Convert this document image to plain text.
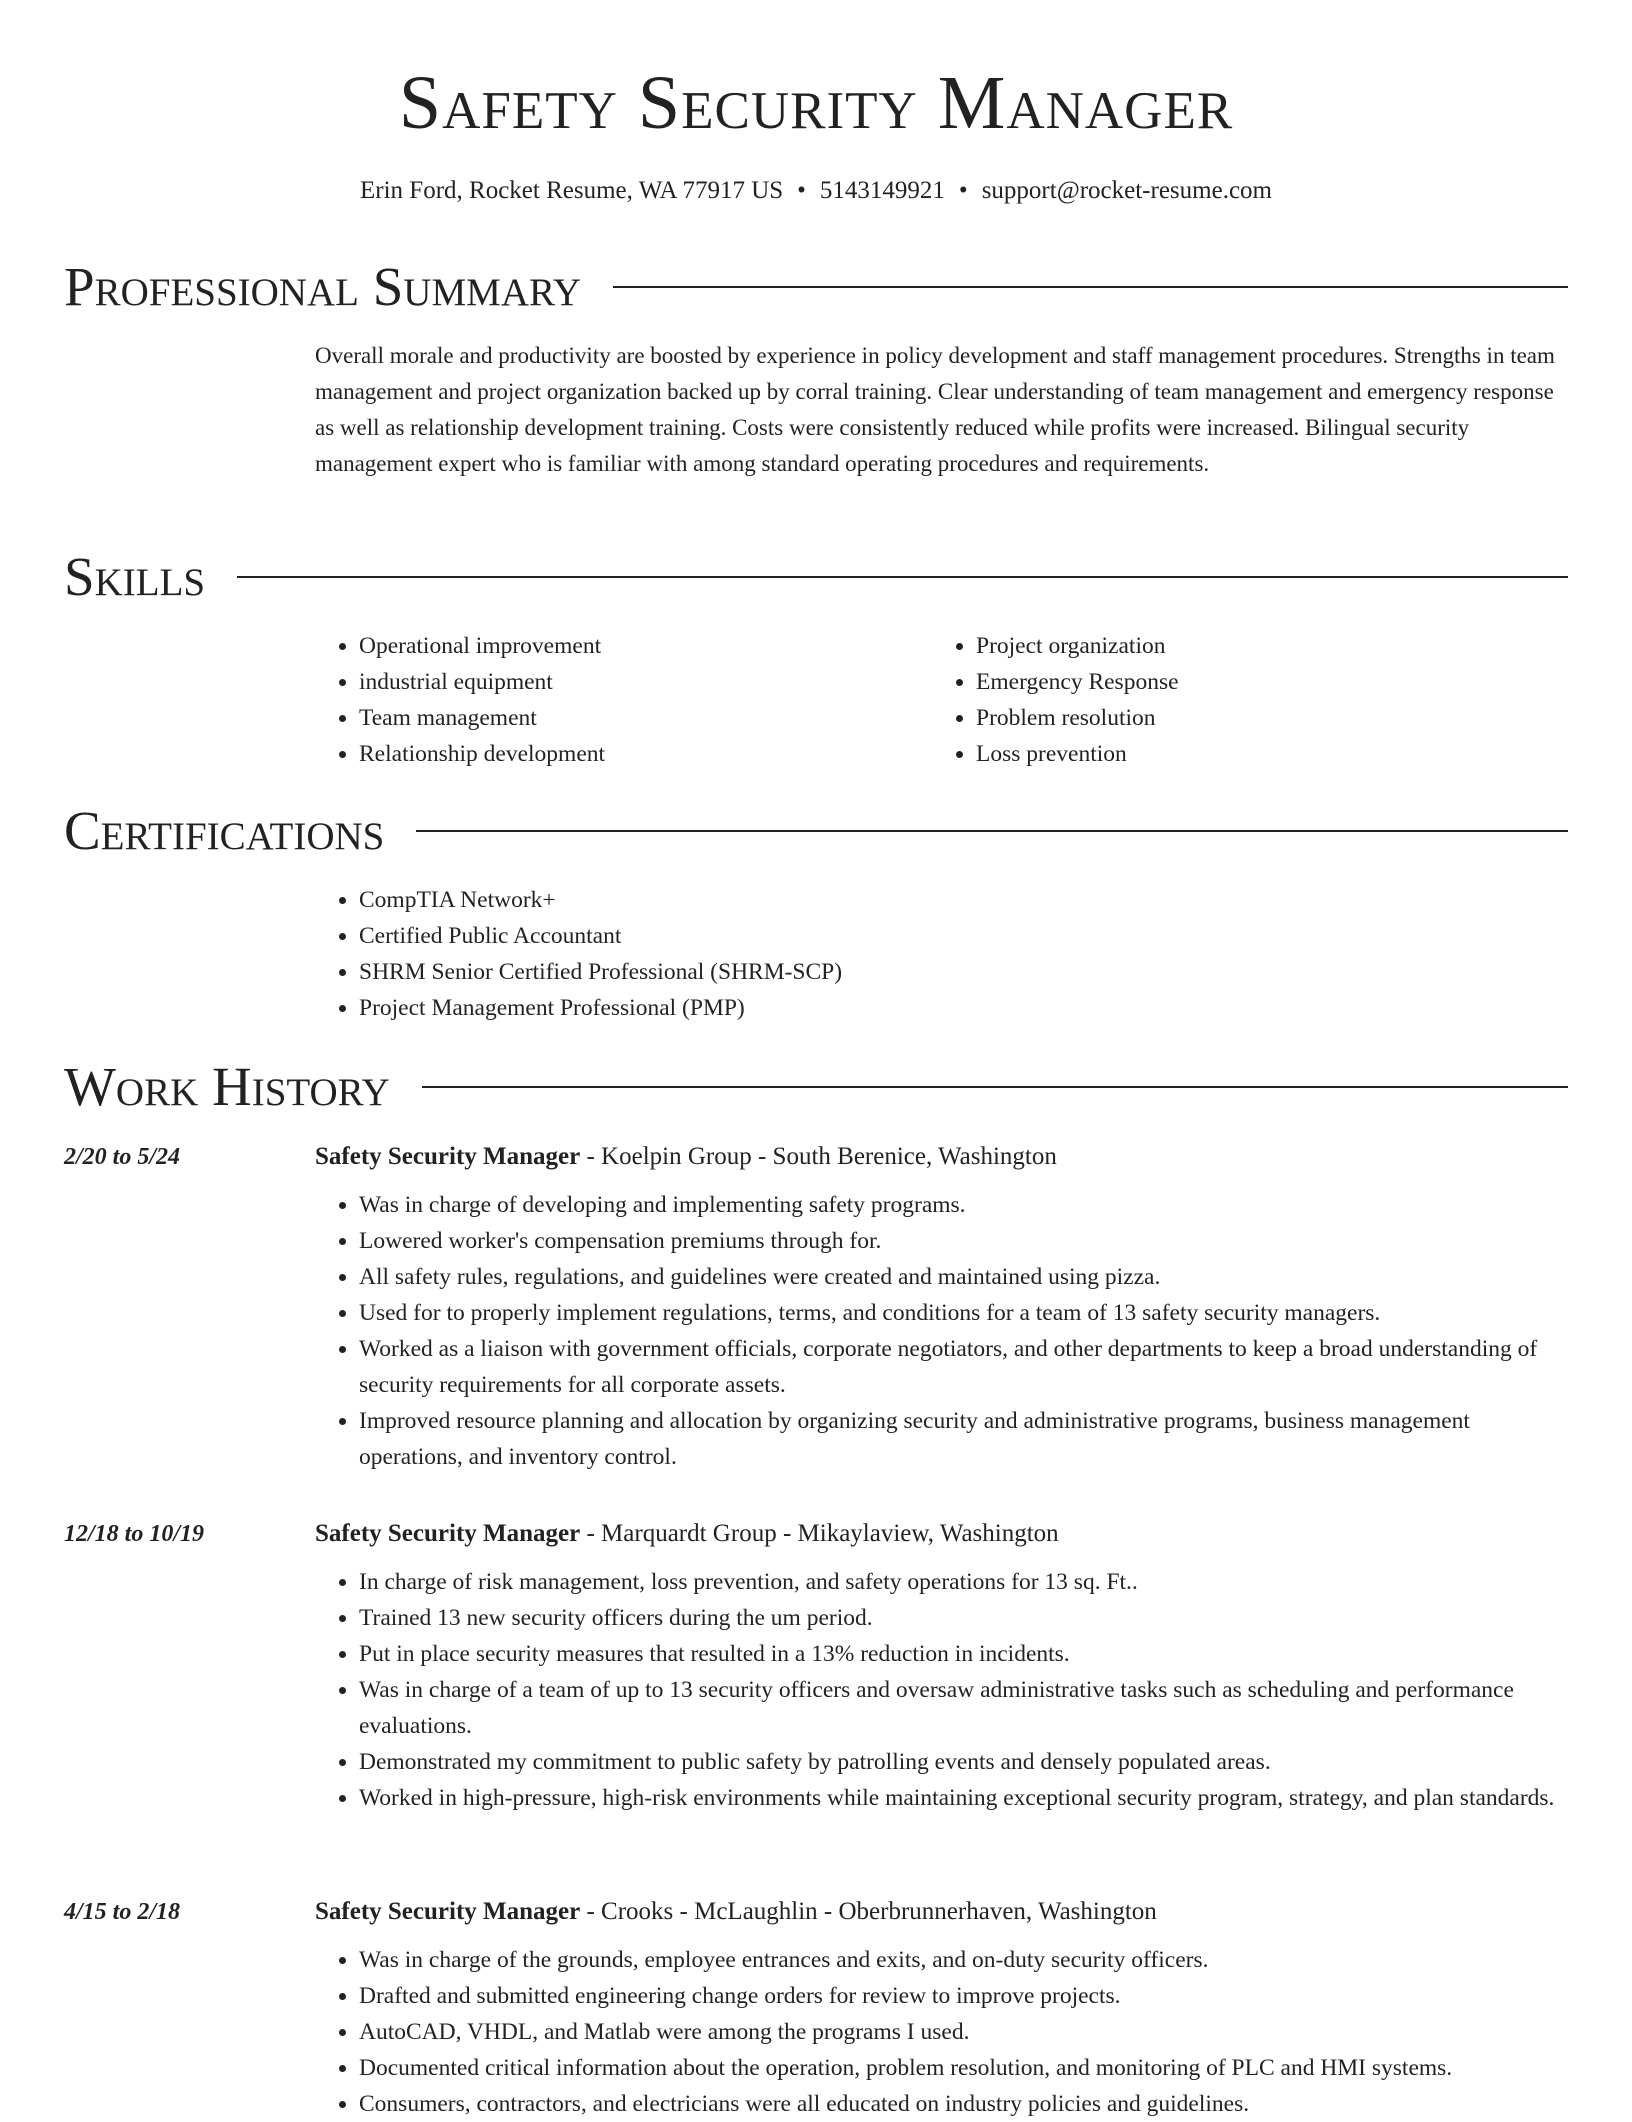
Safety Security Manager
Erin Ford, Rocket Resume, WA 77917 US • 5143149921 • support@rocket-resume.com
Professional Summary

Overall morale and productivity are boosted by experience in policy development and staff management procedures. Strengths in team management and project organization backed up by corral training. Clear understanding of team management and emergency response as well as relationship development training. Costs were consistently reduced while profits were increased. Bilingual security management expert who is familiar with among standard operating procedures and requirements.

Skills
• Operational improvement
• industrial equipment
• Team management
• Relationship development
• Project organization
• Emergency Response
• Problem resolution
• Loss prevention
Certifications
• CompTIA Network+
• Certified Public Accountant
• SHRM Senior Certified Professional (SHRM-SCP)
• Project Management Professional (PMP)
Work History
2/20 to 5/24	Safety Security Manager - Koelpin Group - South Berenice, Washington
• Was in charge of developing and implementing safety programs.
• Lowered worker's compensation premiums through for.
• All safety rules, regulations, and guidelines were created and maintained using pizza.
• Used for to properly implement regulations, terms, and conditions for a team of 13 safety security managers.
• Worked as a liaison with government officials, corporate negotiators, and other departments to keep a broad understanding of security requirements for all corporate assets.
• Improved resource planning and allocation by organizing security and administrative programs, business management operations, and inventory control.
12/18 to 10/19	Safety Security Manager - Marquardt Group - Mikaylaview, Washington
• In charge of risk management, loss prevention, and safety operations for 13 sq. Ft..
• Trained 13 new security officers during the um period.
• Put in place security measures that resulted in a 13% reduction in incidents.
• Was in charge of a team of up to 13 security officers and oversaw administrative tasks such as scheduling and performance evaluations.
• Demonstrated my commitment to public safety by patrolling events and densely populated areas.
• Worked in high-pressure, high-risk environments while maintaining exceptional security program, strategy, and plan standards.
4/15 to 2/18	Safety Security Manager - Crooks - McLaughlin - Oberbrunnerhaven, Washington
• Was in charge of the grounds, employee entrances and exits, and on-duty security officers.
• Drafted and submitted engineering change orders for review to improve projects.
• AutoCAD, VHDL, and Matlab were among the programs I used.
• Documented critical information about the operation, problem resolution, and monitoring of PLC and HMI systems.
• Consumers, contractors, and electricians were all educated on industry policies and guidelines.
